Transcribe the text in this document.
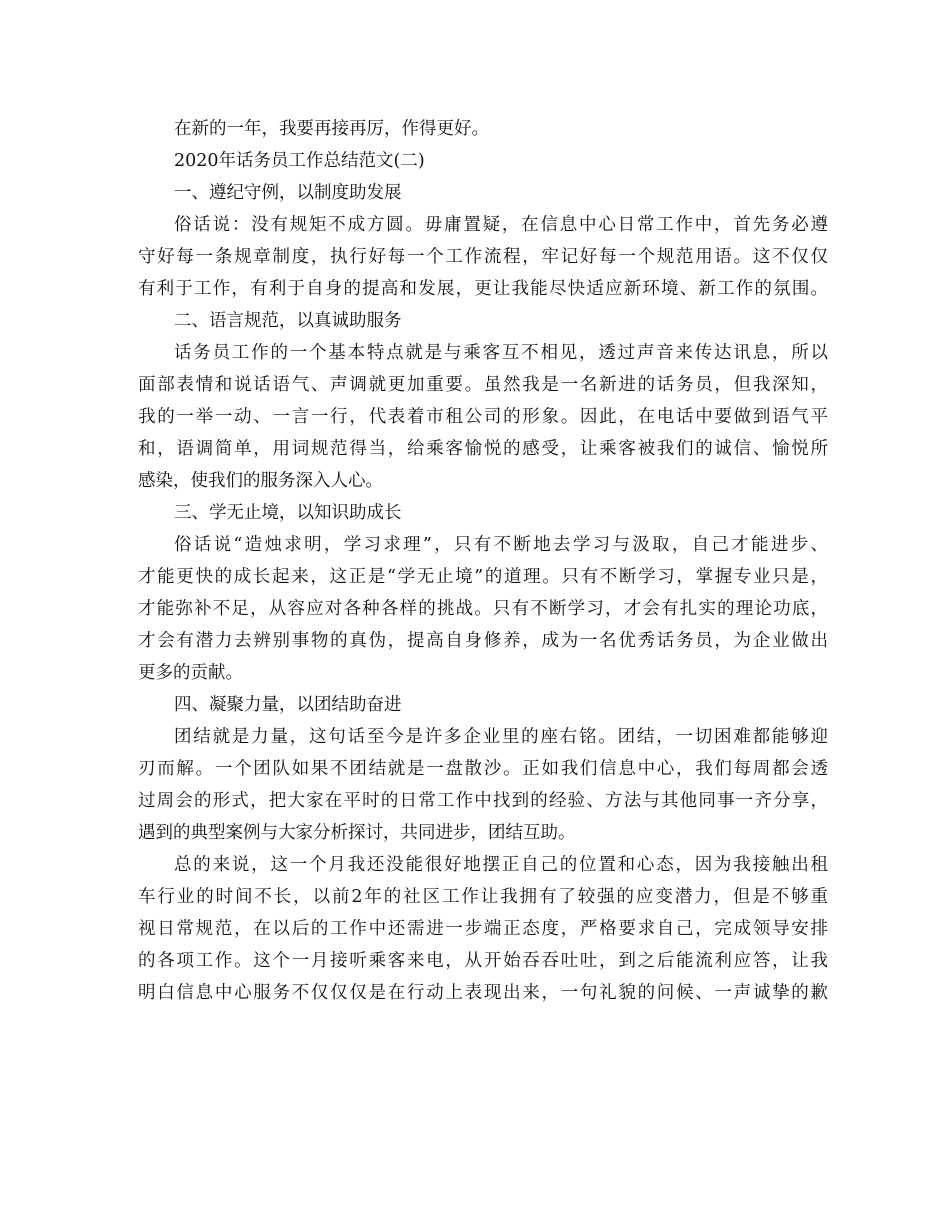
在新的一年，我要再接再厉，作得更好。
2020年话务员工作总结范文(二)
一、遵纪守例，以制度助发展
俗话说：没有规矩不成方圆。毋庸置疑，在信息中心日常工作中，首先务必遵
守好每一条规章制度，执行好每一个工作流程，牢记好每一个规范用语。这不仅仅
有利于工作，有利于自身的提高和发展，更让我能尽快适应新环境、新工作的氛围。
二、语言规范，以真诚助服务
话务员工作的一个基本特点就是与乘客互不相见，透过声音来传达讯息，所以
面部表情和说话语气、声调就更加重要。虽然我是一名新进的话务员，但我深知，
我的一举一动、一言一行，代表着市租公司的形象。因此，在电话中要做到语气平
和，语调简单，用词规范得当，给乘客愉悦的感受，让乘客被我们的诚信、愉悦所
感染，使我们的服务深入人心。
三、学无止境，以知识助成长
俗话说“造烛求明，学习求理”，只有不断地去学习与汲取，自己才能进步、
才能更快的成长起来，这正是“学无止境”的道理。只有不断学习，掌握专业只是，
才能弥补不足，从容应对各种各样的挑战。只有不断学习，才会有扎实的理论功底，
才会有潜力去辨别事物的真伪，提高自身修养，成为一名优秀话务员，为企业做出
更多的贡献。
四、凝聚力量，以团结助奋进
团结就是力量，这句话至今是许多企业里的座右铭。团结，一切困难都能够迎
刃而解。一个团队如果不团结就是一盘散沙。正如我们信息中心，我们每周都会透
过周会的形式，把大家在平时的日常工作中找到的经验、方法与其他同事一齐分享，
遇到的典型案例与大家分析探讨，共同进步，团结互助。
总的来说，这一个月我还没能很好地摆正自己的位置和心态，因为我接触出租
车行业的时间不长，以前2年的社区工作让我拥有了较强的应变潜力，但是不够重
视日常规范，在以后的工作中还需进一步端正态度，严格要求自己，完成领导安排
的各项工作。这个一月接听乘客来电，从开始吞吞吐吐，到之后能流利应答，让我
明白信息中心服务不仅仅仅是在行动上表现出来，一句礼貌的问候、一声诚挚的歉
